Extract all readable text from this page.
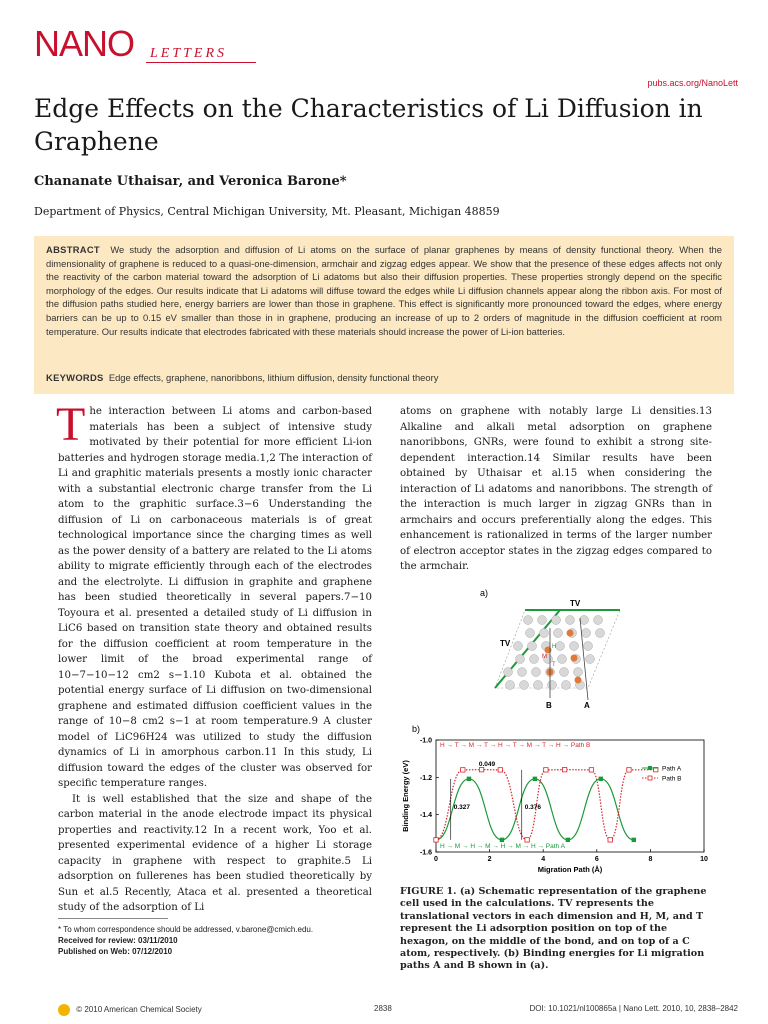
NANO LETTERS
pubs.acs.org/NanoLett
Edge Effects on the Characteristics of Li Diffusion in Graphene
Chananate Uthaisar, and Veronica Barone*
Department of Physics, Central Michigan University, Mt. Pleasant, Michigan 48859
ABSTRACT We study the adsorption and diffusion of Li atoms on the surface of planar graphenes by means of density functional theory. When the dimensionality of graphene is reduced to a quasi-one-dimension, armchair and zigzag edges appear. We show that the presence of these edges affects not only the reactivity of the carbon material toward the adsorption of Li adatoms but also their diffusion properties. These properties strongly depend on the specific morphology of the edges. Our results indicate that Li adatoms will diffuse toward the edges while Li diffusion channels appear along the ribbon axis. For most of the diffusion paths studied here, energy barriers are lower than those in graphene. This effect is significantly more pronounced toward the edges, where energy barriers can be up to 0.15 eV smaller than those in in graphene, producing an increase of up to 2 orders of magnitude in the diffusion coefficient at room temperature. Our results indicate that electrodes fabricated with these materials should increase the power of Li-ion batteries.
KEYWORDS Edge effects, graphene, nanoribbons, lithium diffusion, density functional theory

The interaction between Li atoms and carbon-based materials has been a subject of intensive study motivated by their potential for more efficient Li-ion batteries and hydrogen storage media.1,2 The interaction of Li and graphitic materials presents a mostly ionic character with a substantial electronic charge transfer from the Li atom to the graphitic surface.3−6 Understanding the diffusion of Li on carbonaceous materials is of great technological importance since the charging times as well as the power density of a battery are related to the Li atoms ability to migrate efficiently through each of the electrodes and the electrolyte. Li diffusion in graphite and graphene has been studied theoretically in several papers.7−10 Toyoura et al. presented a detailed study of Li diffusion in LiC6 based on transition state theory and obtained results for the diffusion coefficient at room temperature in the lower limit of the broad experimental range of 10−7−10−12 cm2 s−1.10 Kubota et al. obtained the potential energy surface of Li diffusion on two-dimensional graphene and estimated diffusion coefficient values in the range of 10−8 cm2 s−1 at room temperature.9 A cluster model of LiC96H24 was utilized to study the diffusion dynamics of Li in amorphous carbon.11 In this study, Li diffusion toward the edges of the cluster was observed for specific temperature ranges.

It is well established that the size and shape of the carbon material in the anode electrode impact its physical properties and reactivity.12 In a recent work, Yoo et al. presented experimental evidence of a higher Li storage capacity in graphene with respect to graphite.5 Li adsorption on fullerenes has been studied theoretically by Sun et al.5 Recently, Ataca et al. presented a theoretical study of the adsorption of Li

atoms on graphene with notably large Li densities.13 Alkaline and alkali metal adsorption on graphene nanoribbons, GNRs, were found to exhibit a strong site-dependent interaction.14 Similar results have been obtained by Uthaisar et al.15 when considering the interaction of Li adatoms and nanoribbons. The strength of the interaction is much larger in zigzag GNRs than in armchairs and occurs preferentially along the edges. This enhancement is rationalized in terms of the larger number of electron acceptor states in the zigzag edges compared to the armchair.

a)
TV
TV
A
B
H
M
T
b)
0	2	4	6	8	10
-1.0
-1.2
-1.4
-1.6
Migration Path (Å)
Binding Energy (eV)
H → T → M → T → H → T → M → T → H → Path B
H → M → H → M → H → M → H → Path A
Path A
Path B
0.327	0.376
0.049
FIGURE 1. (a) Schematic representation of the graphene cell used in the calculations. TV represents the translational vectors in each dimension and H, M, and T represent the Li adsorption position on top of the hexagon, on the middle of the bond, and on top of a C atom, respectively. (b) Binding energies for Li migration paths A and B shown in (a).
* To whom correspondence should be addressed, v.barone@cmich.edu.
Received for review: 03/11/2010
Published on Web: 07/12/2010
© 2010 American Chemical Society	2838	DOI: 10.1021/nl100865a | Nano Lett. 2010, 10, 2838–2842
